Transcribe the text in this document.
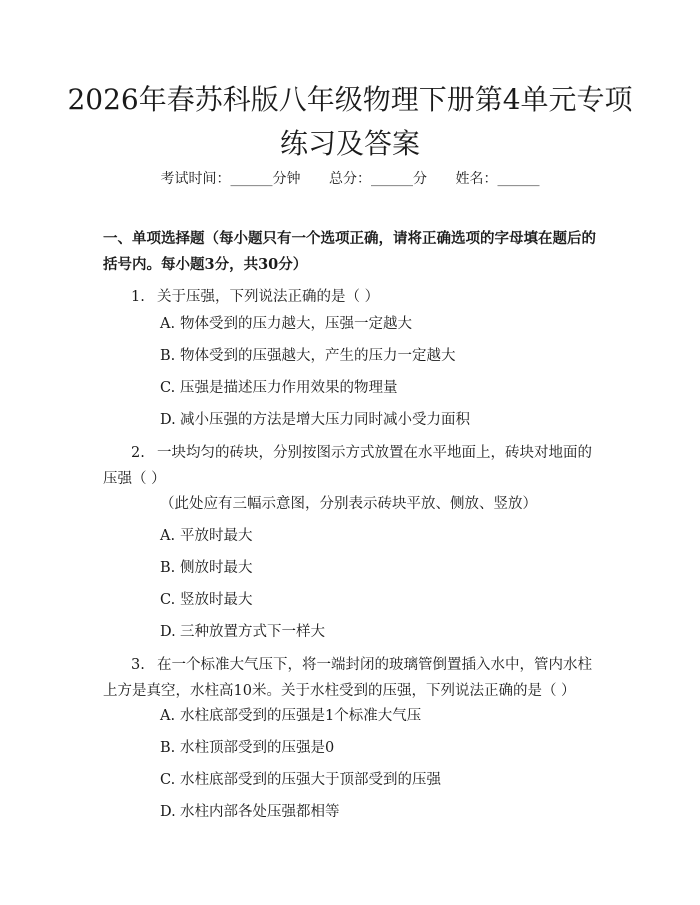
2026年春苏科版八年级物理下册第4单元专项练习及答案
考试时间：______分钟 总分：______分 姓名：______
一、单项选择题（每小题只有一个选项正确，请将正确选项的字母填在题后的括号内。每小题3分，共30分）
1. 关于压强，下列说法正确的是（ ）
A. 物体受到的压力越大，压强一定越大
B. 物体受到的压强越大，产生的压力一定越大
C. 压强是描述压力作用效果的物理量
D. 减小压强的方法是增大压力同时减小受力面积
2. 一块均匀的砖块，分别按图示方式放置在水平地面上，砖块对地面的压强（ ）
（此处应有三幅示意图，分别表示砖块平放、侧放、竖放）
A. 平放时最大
B. 侧放时最大
C. 竖放时最大
D. 三种放置方式下一样大
3. 在一个标准大气压下，将一端封闭的玻璃管倒置插入水中，管内水柱上方是真空，水柱高10米。关于水柱受到的压强，下列说法正确的是（ ）
A. 水柱底部受到的压强是1个标准大气压
B. 水柱顶部受到的压强是0
C. 水柱底部受到的压强大于顶部受到的压强
D. 水柱内部各处压强都相等
